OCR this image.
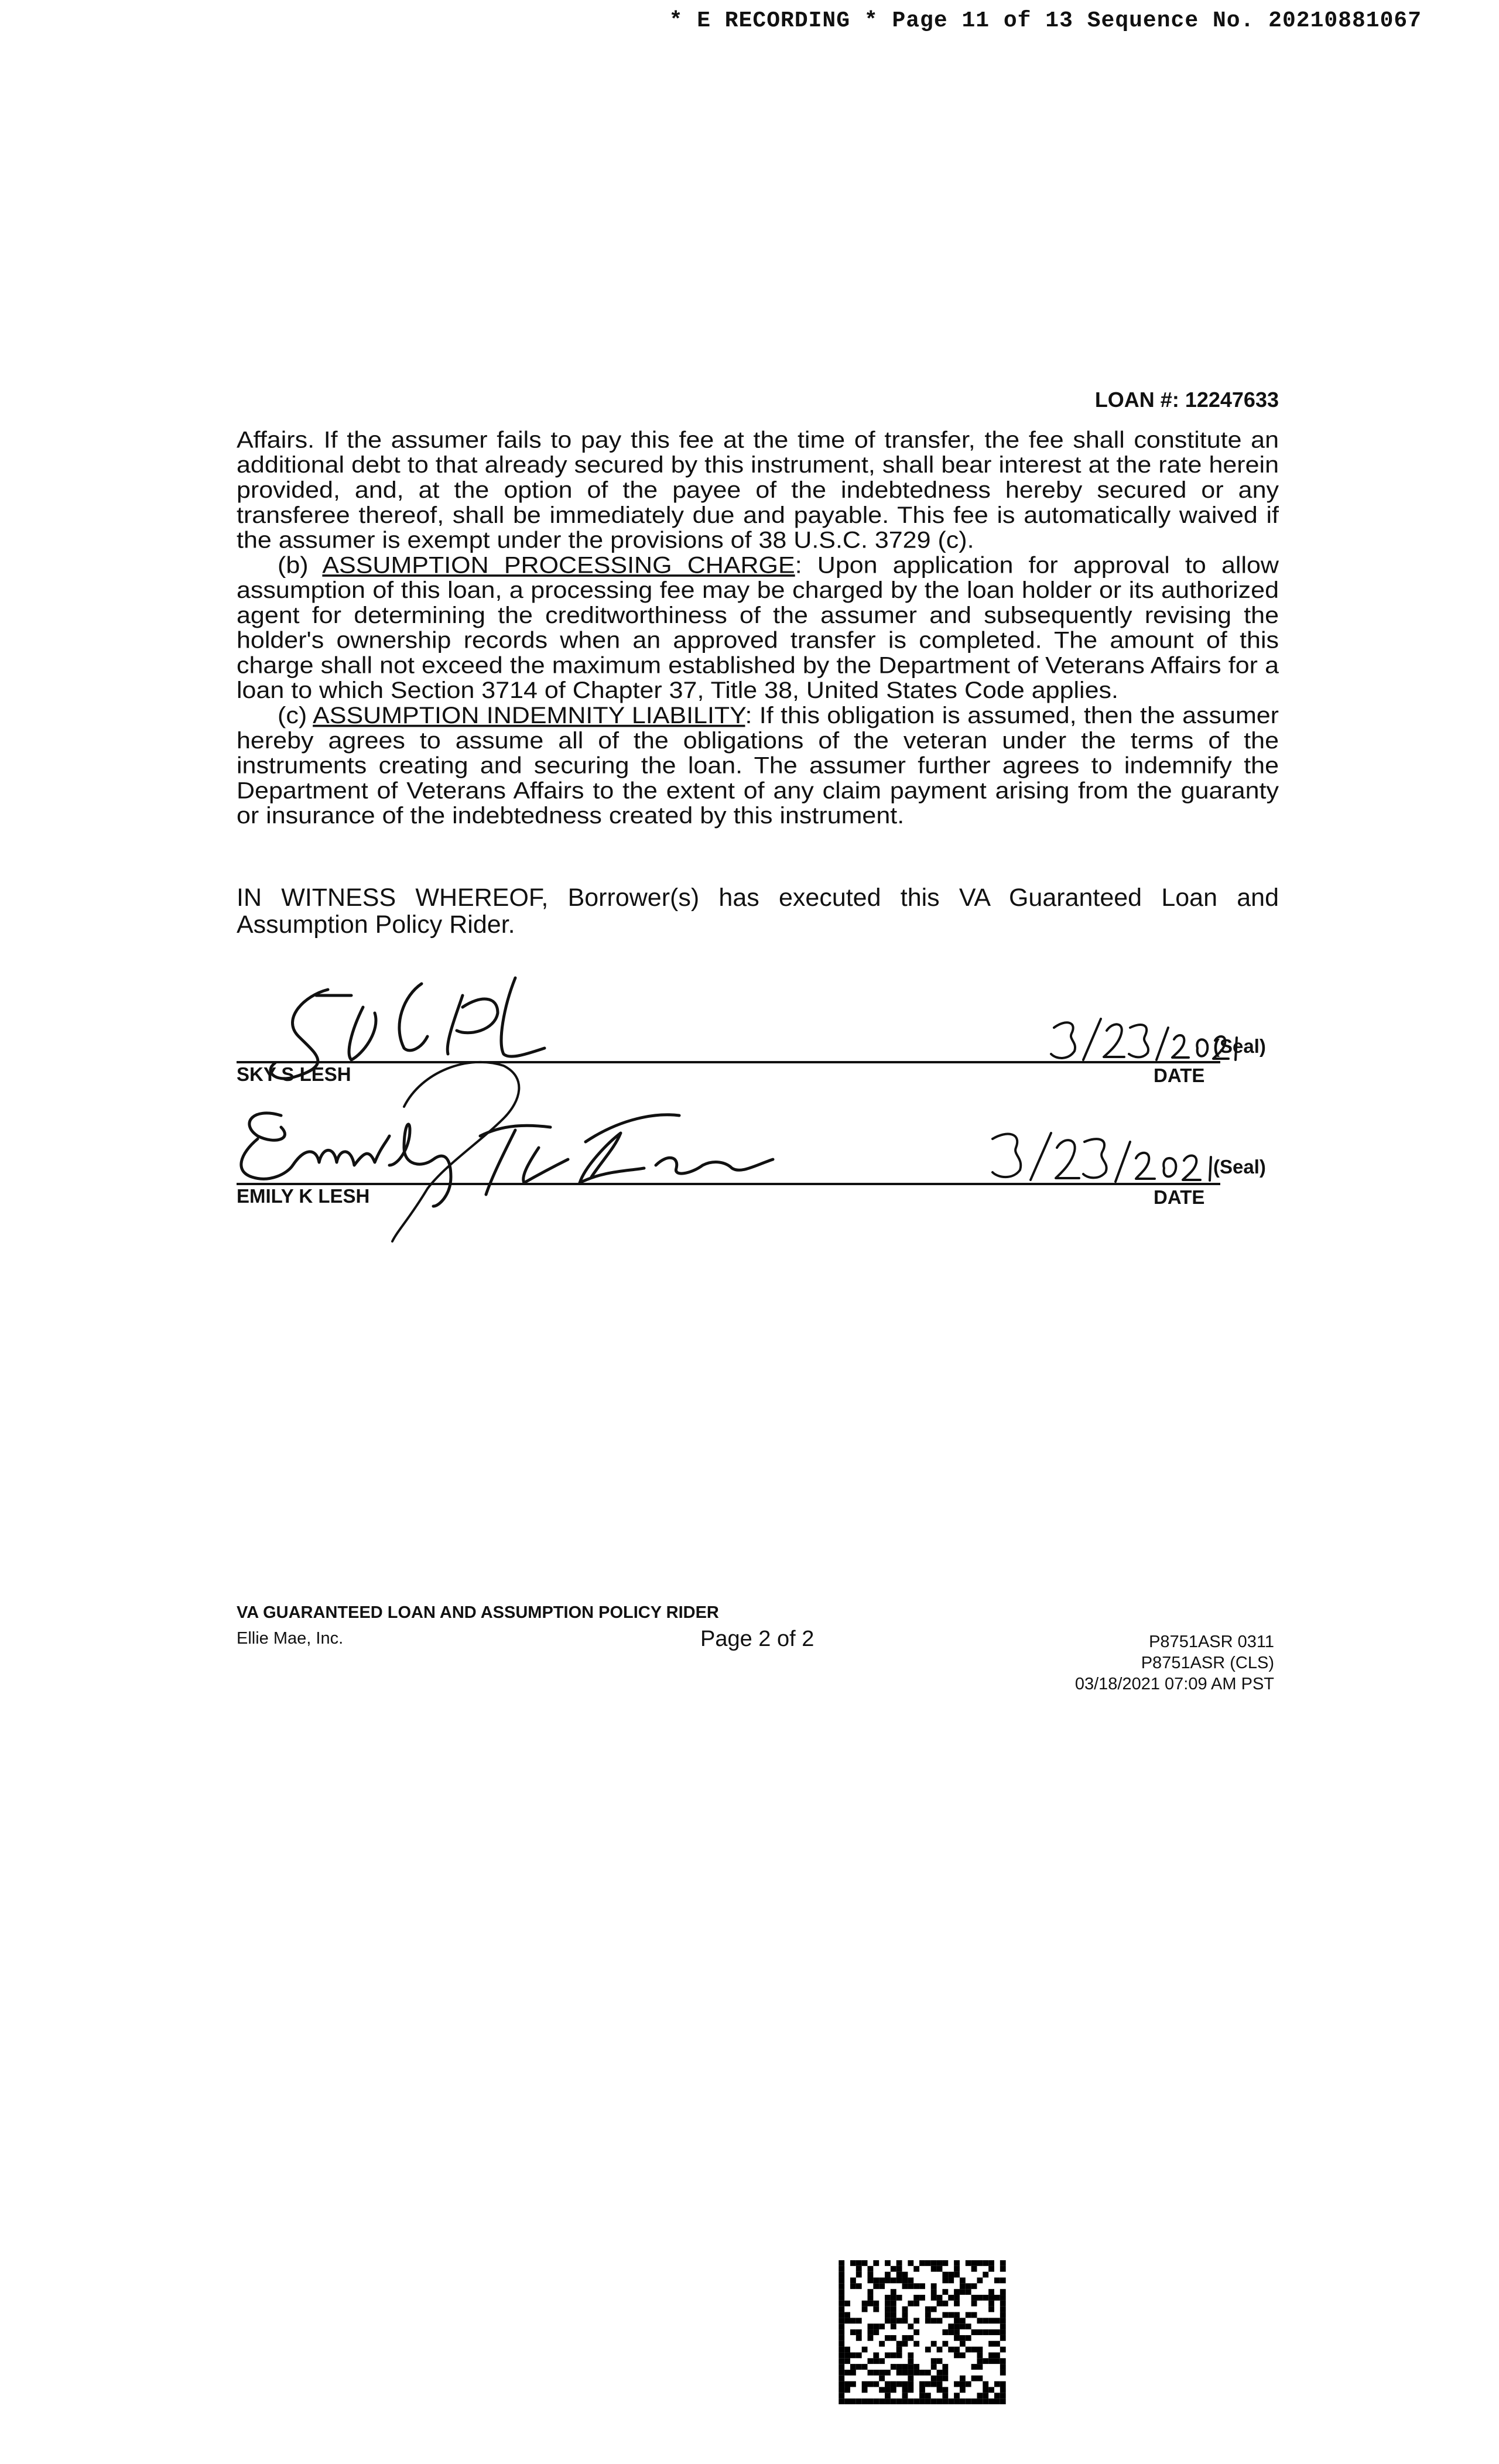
* E RECORDING * Page 11 of 13 Sequence No. 20210881067
LOAN #: 12247633

Affairs. If the assumer fails to pay this fee at the time of transfer, the fee shall constitute an additional debt to that already secured by this instrument, shall bear interest at the rate herein provided, and, at the option of the payee of the indebtedness hereby secured or any transferee thereof, shall be immediately due and payable. This fee is automatically waived if the assumer is exempt under the provisions of 38 U.S.C. 3729 (c).

(b) ASSUMPTION PROCESSING CHARGE: Upon application for approval to allow assumption of this loan, a processing fee may be charged by the loan holder or its authorized agent for determining the creditworthiness of the assumer and subsequently revising the holder's ownership records when an approved transfer is completed. The amount of this charge shall not exceed the maximum established by the Department of Veterans Affairs for a loan to which Section 3714 of Chapter 37, Title 38, United States Code applies.

(c) ASSUMPTION INDEMNITY LIABILITY: If this obligation is assumed, then the assumer hereby agrees to assume all of the obligations of the veteran under the terms of the instruments creating and securing the loan. The assumer further agrees to indemnify the Department of Veterans Affairs to the extent of any claim payment arising from the guaranty or insurance of the indebtedness created by this instrument.

IN WITNESS WHEREOF, Borrower(s) has executed this VA Guaranteed Loan and Assumption Policy Rider.
SKY S LESH
(Seal)
DATE
EMILY K LESH
(Seal)
DATE
VA GUARANTEED LOAN AND ASSUMPTION POLICY RIDER
Ellie Mae, Inc.	Page 2 of 2	P8751ASR 0311
P8751ASR (CLS)
03/18/2021 07:09 AM PST
